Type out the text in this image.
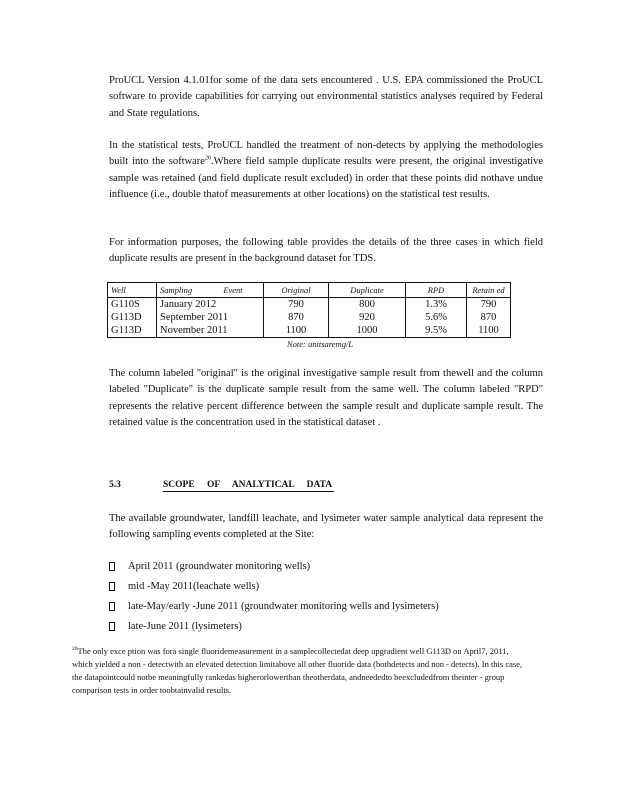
ProUCL Version 4.1.01for some of the data sets encountered . U.S. EPA commissioned the ProUCL software to provide capabilities for carrying out environmental statistics analyses required by Federal and State regulations.

In the statistical tests, ProUCL handled the treatment of non-detects by applying the methodologies built into the software$^{20}$.Where field sample duplicate results were present, the original investigative sample was retained (and field duplicate result excluded) in order that these points did nothave undue influence (i.e., double thatof measurements at other locations) on the statistical test results.

For information purposes, the following table provides the details of the three cases in which field duplicate results are present in the background dataset for TDS.

Well	Sampling	Event	Original	Duplicate	RPD	Retain ed
G110S	January 2012		790	800	1.3%	790
G113D	September 2011		870	920	5.6%	870
G113D	November 2011		1100	1000	9.5%	1100
Note: unitsaremg/L

The column labeled "original" is the original investigative sample result from thewell and the column labeled "Duplicate" is the duplicate sample result from the same well. The column labeled "RPD" represents the relative percent difference between the sample result and duplicate sample result. The retained value is the concentration used in the statistical dataset .

5.3	SCOPE OF ANALYTICAL DATA

The available groundwater, landfill leachate, and lysimeter water sample analytical data represent the following sampling events completed at the Site:

April 2011 (groundwater monitoring wells)
mid -May 2011(leachate wells)
late-May/early -June 2011 (groundwater monitoring wells and lysimeters)
late-June 2011 (lysimeters)

$^{20}$The only exce ption was fora single fluoridemeasurement in a samplecollectedat deep upgradient well G113D on April7, 2011, which yielded a non - detectwith an elevated detection limitabove all other fluoride data (bothdetects and non - detects). In this case, the datapointcould notbe meaningfully rankedas higherorlowerthan theotherdata, andneededto beexcludedfrom theinter - group comparison tests in order toobtainvalid results.
